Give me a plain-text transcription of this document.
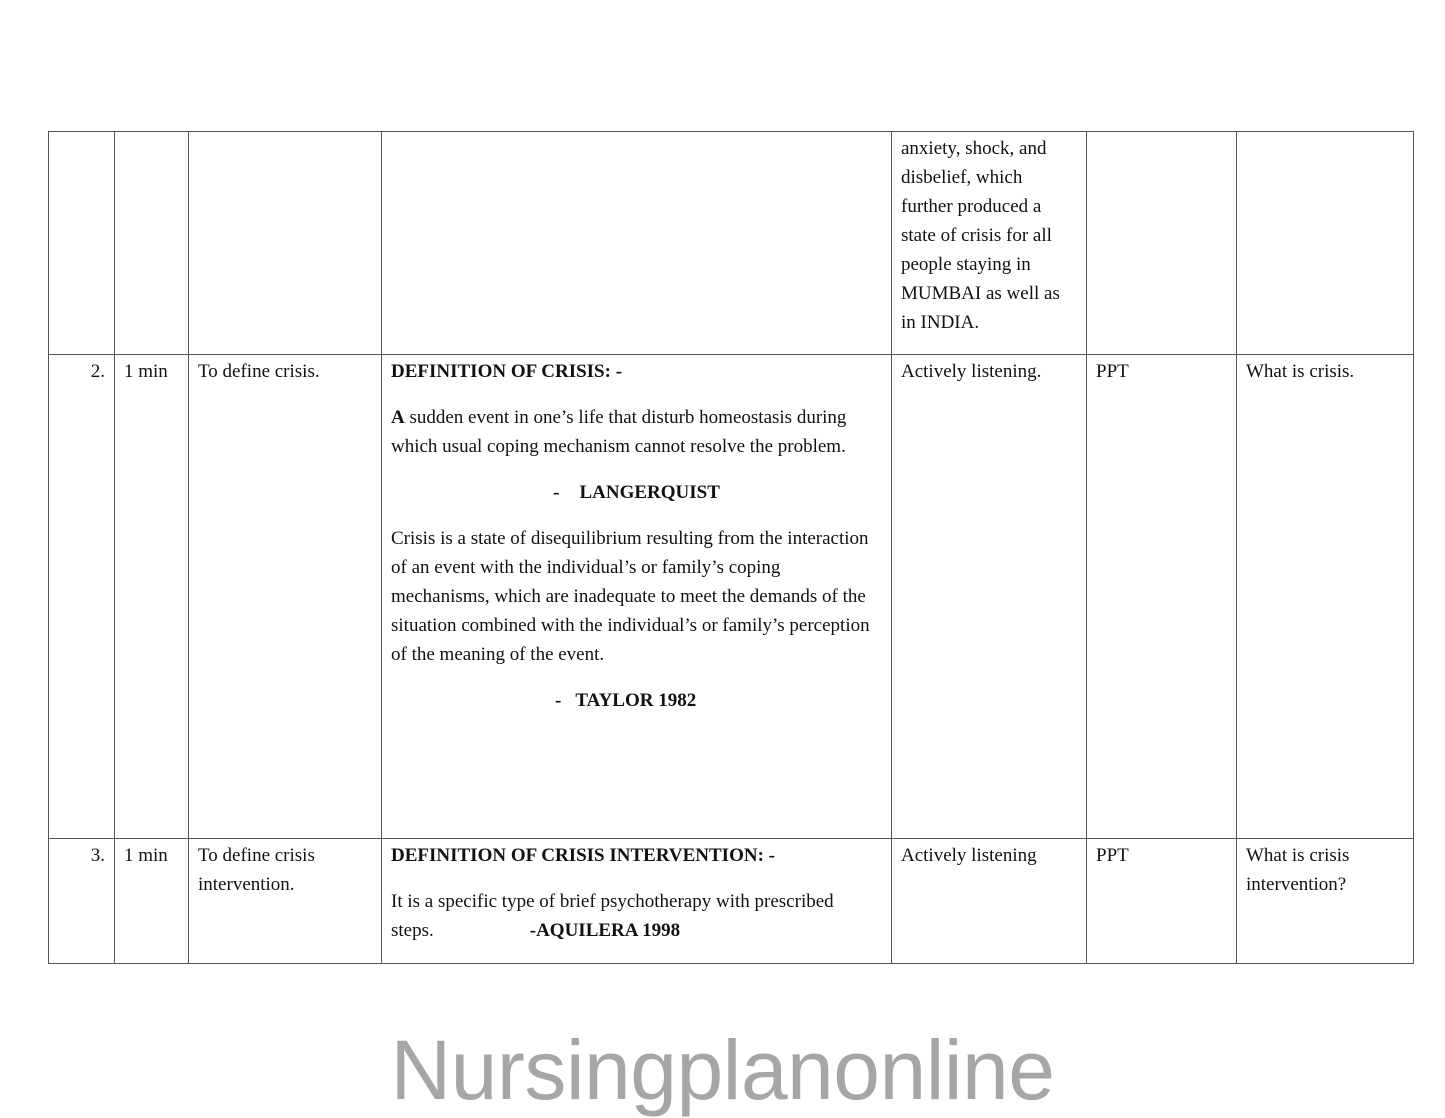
				anxiety, shock, and disbelief, which further produced a state of crisis for all people staying in MUMBAI as well as in INDIA.		
2.	1 min	To define crisis.	DEFINITION OF CRISIS: -

A sudden event in one’s life that disturb homeostasis during which usual coping mechanism cannot resolve the problem.

- LANGERQUIST

Crisis is a state of disequilibrium resulting from the interaction of an event with the individual’s or family’s coping mechanisms, which are inadequate to meet the demands of the situation combined with the individual’s or family’s perception of the meaning of the event.

- TAYLOR 1982	Actively listening.	PPT	What is crisis.
3.	1 min	To define crisis intervention.	DEFINITION OF CRISIS INTERVENTION: -

It is a specific type of brief psychotherapy with prescribed steps. -AQUILERA 1998	Actively listening	PPT	What is crisis intervention?
Nursingplanonline
